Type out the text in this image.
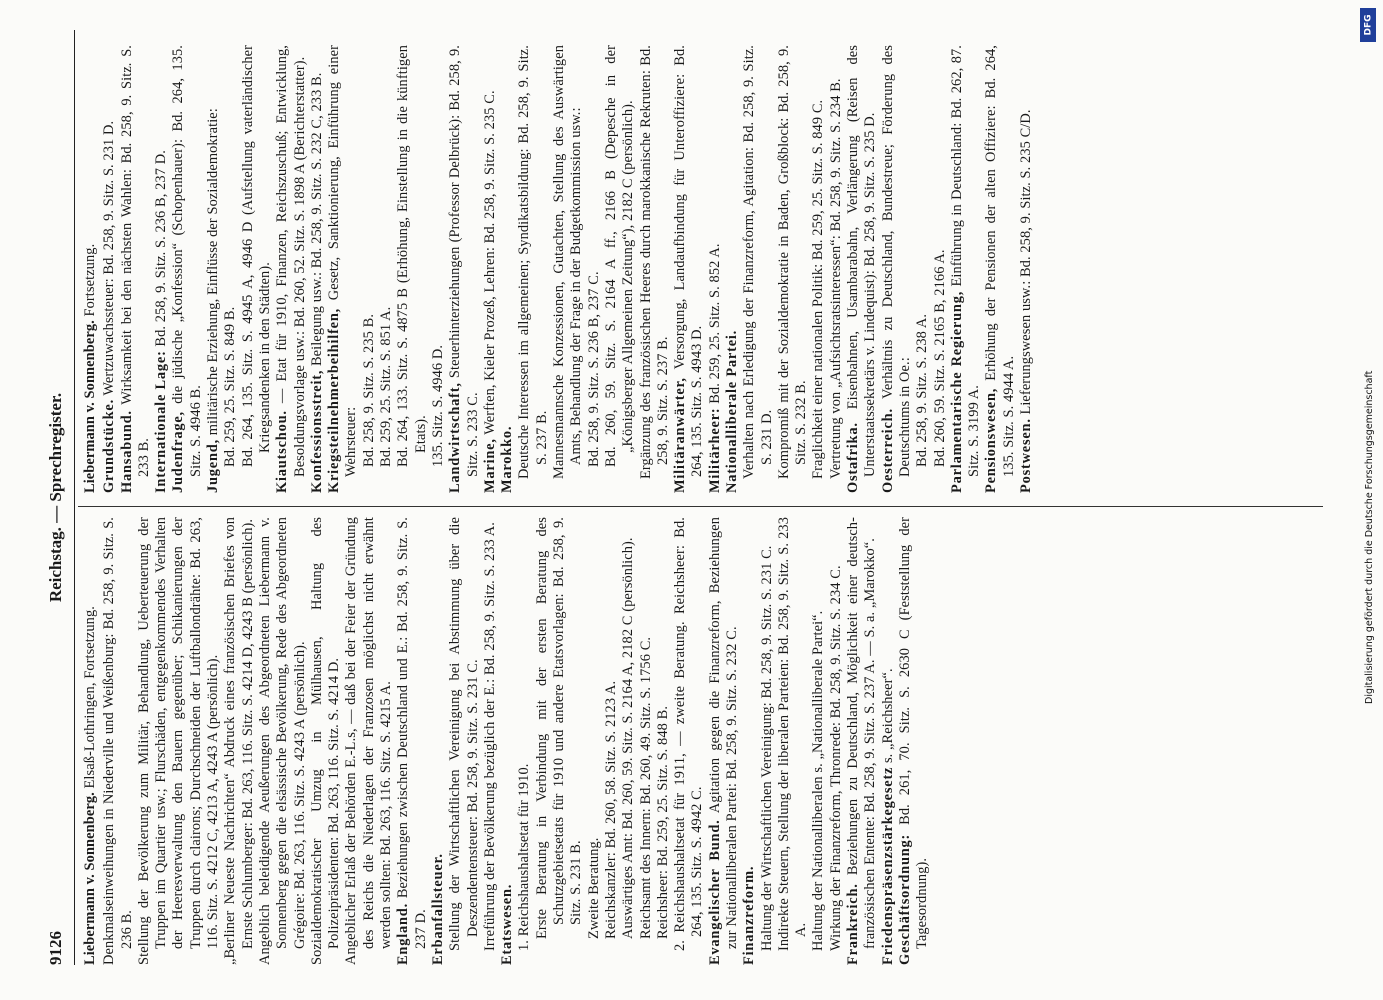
9126
Reichstag. — Sprechregister.
Liebermann v. Sonnenberg. Elsaß-Lothringen, Fortsetzung. Denkmalseinweihungen in Niederville und Weißenburg: Bd. 258, 9. Sitz. S. 236 B. Stellung der Bevölkerung zum Militär, Behandlung, Ueberteuerung der Truppen im Quartier usw.; Flurschäden, entgegenkommendes Verhalten der Heeresverwaltung den Bauern gegenüber; Schikanierungen der Truppen durch clairons; Durchschneiden der Luftballondrähte: Bd. 263, 116. Sitz. S. 4212 C, 4213 A, 4243 A (persönlich). „Berliner Neueste Nachrichten“ Abdruck eines französischen Briefes von Ernste Schlumberger: Bd. 263, 116. Sitz. S. 4214 D, 4243 B (persönlich). Angeblich beleidigende Aeußerungen des Abgeordneten Liebermann v. Sonnenberg gegen die elsässische Bevölkerung, Rede des Abgeordneten Grégoire: Bd. 263, 116. Sitz. S. 4243 A (persönlich). Sozialdemokratischer Umzug in Mülhausen, Haltung des Polizeipräsidenten: Bd. 263, 116. Sitz. S. 4214 D. Angeblicher Erlaß der Behörden E.-L.s, — daß bei der Feier der Gründung des Reichs die Niederlagen der Franzosen möglichst nicht erwähnt werden sollten: Bd. 263, 116. Sitz. S. 4215 A. England. Beziehungen zwischen Deutschland und E.: Bd. 258, 9. Sitz. S. 237 D. Erbanfallsteuer. Stellung der Wirtschaftlichen Vereinigung bei Abstimmung über die Deszendentensteuer: Bd. 258, 9. Sitz. S. 231 C. Irreführung der Bevölkerung bezüglich der E.: Bd. 258, 9. Sitz. S. 233 A. Etatswesen. 1. Reichshaushaltsetat für 1910. Erste Beratung in Verbindung mit der ersten Beratung des Schutzgebietsetats für 1910 und andere Etatsvorlagen: Bd. 258, 9. Sitz. S. 231 B. Zweite Beratung. Reichskanzler: Bd. 260, 58. Sitz. S. 2123 A. Auswärtiges Amt: Bd. 260, 59. Sitz. S. 2164 A, 2182 C (persönlich). Reichsamt des Innern: Bd. 260, 49. Sitz. S. 1756 C. Reichsheer: Bd. 259, 25. Sitz. S. 848 B. 2. Reichshaushaltsetat für 1911, — zweite Beratung. Reichsheer: Bd. 264, 135. Sitz. S. 4942 C. Evangelischer Bund. Agitation gegen die Finanzreform, Beziehungen zur Nationalliberalen Partei: Bd. 258, 9. Sitz. S. 232 C. Finanzreform. Haltung der Wirtschaftlichen Vereinigung: Bd. 258, 9. Sitz. S. 231 C. Indirekte Steuern, Stellung der liberalen Parteien: Bd. 258, 9. Sitz. S. 233 A. Haltung der Nationalliberalen s. „Nationalliberale Partei“. Wirkung der Finanzreform, Thronrede: Bd. 258, 9. Sitz. S. 234 C. Frankreich. Beziehungen zu Deutschland, Möglichkeit einer deutsch-französischen Entente: Bd. 258, 9. Sitz. S. 237 A. — S. a. „Marokko“. Friedenspräsenzstärkegesetz s. „Reichsheer“.

Geschäftsordnung: Bd. 261, 70. Sitz. S. 2630 C (Feststellung der Tagesordnung).

Liebermann v. Sonnenberg. Fortsetzung.

Grundstücke. Wertzuwachssteuer: Bd. 258, 9. Sitz. S. 231 D.

Hansabund. Wirksamkeit bei den nächsten Wahlen: Bd. 258, 9. Sitz. S. 233 B. Internationale Lage: Bd. 258, 9. Sitz. S. 236 B, 237 D.

Judenfrage, die jüdische „Konfession“ (Schopenhauer): Bd. 264, 135. Sitz. S. 4946 B. Jugend, militärische Erziehung, Einflüsse der Sozialdemokratie: Bd. 259, 25. Sitz. S. 849 B. Bd. 264, 135. Sitz. S. 4945 A, 4946 D (Aufstellung vaterländischer Kriegsandenken in den Städten). Kiautschou. — Etat für 1910, Finanzen, Reichszuschuß; Entwicklung, Besoldungsvorlage usw.: Bd. 260, 52. Sitz. S. 1898 A (Berichterstatter). Konfessionsstreit, Beilegung usw.: Bd. 258, 9. Sitz. S. 232 C, 233 B.

Kriegsteilnehmerbeihilfen, Gesetz, Sanktionierung, Einführung einer Wehrsteuer: Bd. 258, 9. Sitz. S. 235 B. Bd. 259, 25. Sitz. S. 851 A. Bd. 264, 133. Sitz. S. 4875 B (Erhöhung, Einstellung in die künftigen Etats). 135. Sitz. S. 4946 D. Landwirtschaft, Steuerhinterziehungen (Professor Delbrück): Bd. 258, 9. Sitz. S. 233 C. Marine, Werften, Kieler Prozeß, Lehren: Bd. 258, 9. Sitz. S. 235 C.

Marokko. Deutsche Interessen im allgemeinen; Syndikatsbildung: Bd. 258, 9. Sitz. S. 237 B. Mannesmannsche Konzessionen, Gutachten, Stellung des Auswärtigen Amts, Behandlung der Frage in der Budgetkommission usw.: Bd. 258, 9. Sitz. S. 236 B, 237 C. Bd. 260, 59. Sitz. S. 2164 A ff., 2166 B (Depesche in der „Königsberger Allgemeinen Zeitung“), 2182 C (persönlich). Ergänzung des französischen Heeres durch marokkanische Rekruten: Bd. 258, 9. Sitz. S. 237 B. Militäranwärter, Versorgung, Landaufbindung für Unteroffiziere: Bd. 264, 135. Sitz. S. 4943 D. Militärheer: Bd. 259, 25. Sitz. S. 852 A.

Nationalliberale Partei. Verhalten nach Erledigung der Finanzreform, Agitation: Bd. 258, 9. Sitz. S. 231 D. Kompromiß mit der Sozialdemokratie in Baden, Großblock: Bd. 258, 9. Sitz. S. 232 B. Fraglichkeit einer nationalen Politik: Bd. 259, 25. Sitz. S. 849 C. Vertretung von „Aufsichtsratsinteressen“: Bd. 258, 9. Sitz. S. 234 B. Ostafrika. Eisenbahnen, Usambarabahn, Verlängerung (Reisen des Unterstaatssekretärs v. Lindequist): Bd. 258, 9. Sitz. S. 235 D. Oesterreich. Verhältnis zu Deutschland, Bundestreue; Förderung des Deutschtums in Oe.: Bd. 258, 9. Sitz. S. 238 A. Bd. 260, 59. Sitz. S. 2165 B, 2166 A. Parlamentarische Regierung, Einführung in Deutschland: Bd. 262, 87. Sitz. S. 3199 A. Pensionswesen, Erhöhung der Pensionen der alten Offiziere: Bd. 264, 135. Sitz. S. 4944 A. Postwesen. Lieferungswesen usw.: Bd. 258, 9. Sitz. S. 235 C/D.

DFG
Digitalisierung gefördert durch die Deutsche Forschungsgemeinschaft
